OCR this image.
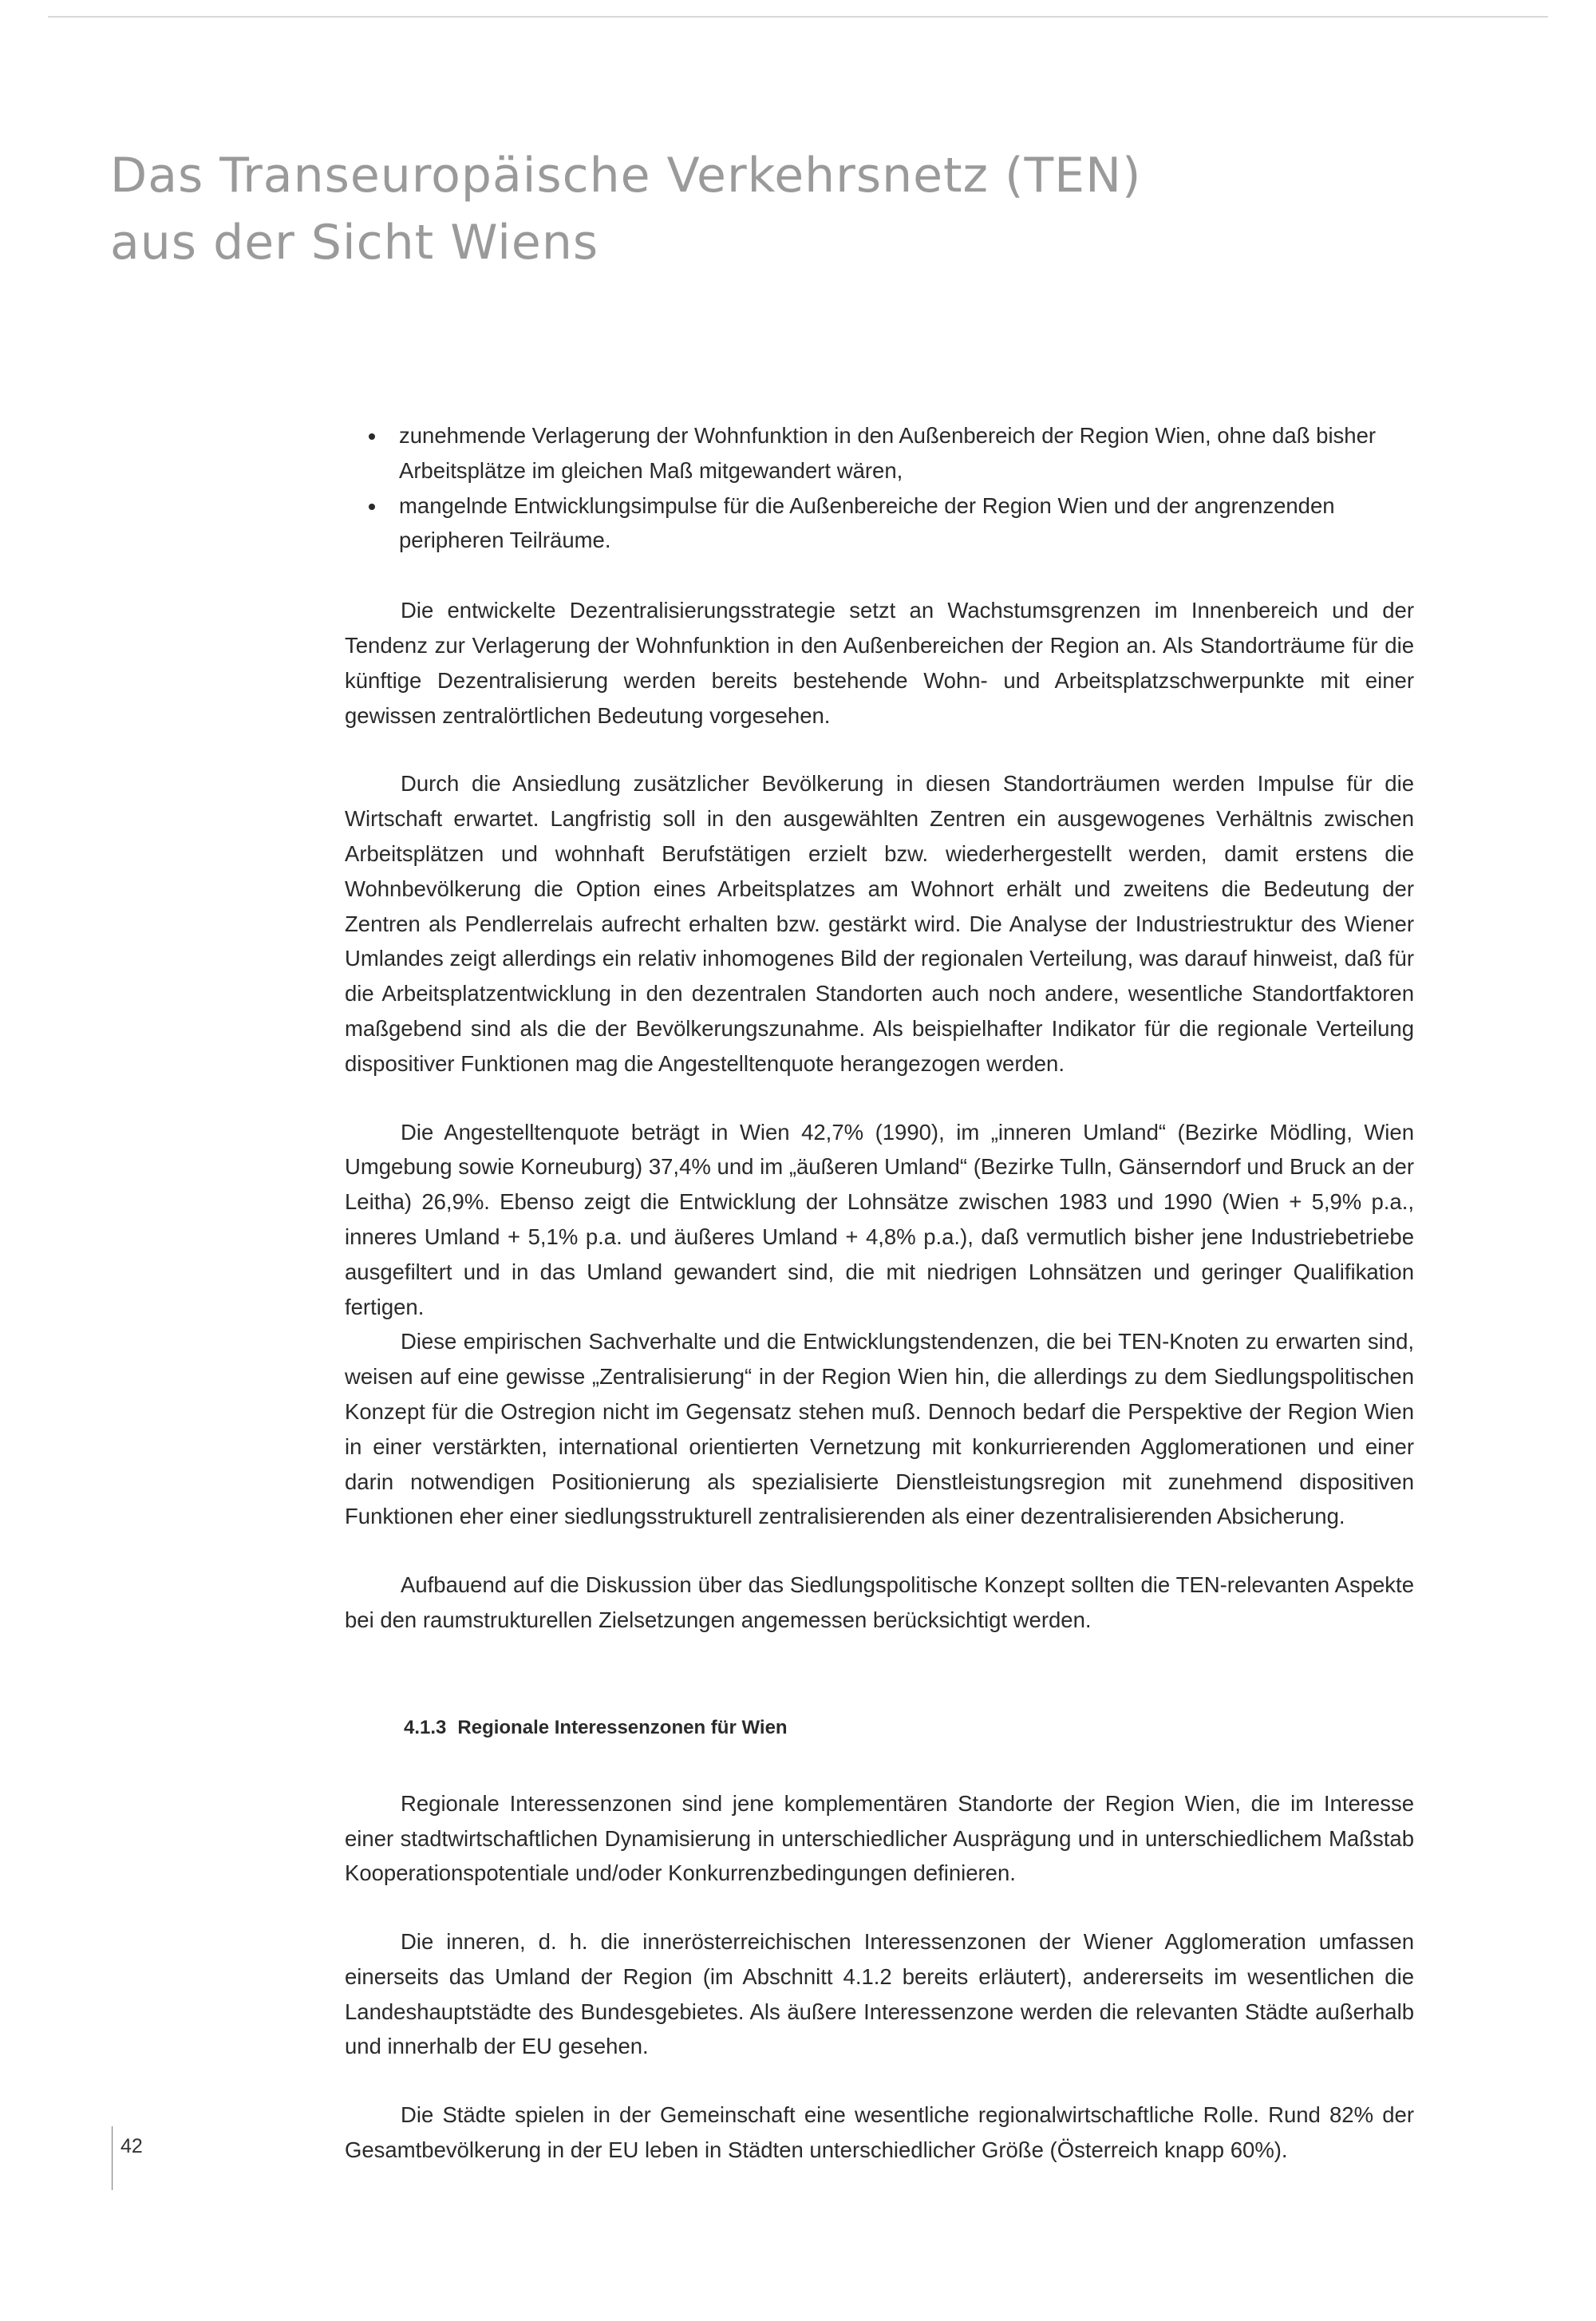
Das Transeuropäische Verkehrsnetz (TEN)
aus der Sicht Wiens
zunehmende Verlagerung der Wohnfunktion in den Außenbereich der Region Wien, ohne daß bisher Arbeitsplätze im gleichen Maß mitgewandert wären,
mangelnde Entwicklungsimpulse für die Außenbereiche der Region Wien und der angrenzenden peripheren Teilräume.

Die entwickelte Dezentralisierungsstrategie setzt an Wachstumsgrenzen im Innenbereich und der Tendenz zur Verlagerung der Wohnfunktion in den Außenbereichen der Region an. Als Standorträume für die künftige Dezentralisierung werden bereits bestehende Wohn- und Arbeitsplatzschwerpunkte mit einer gewissen zentralörtlichen Bedeutung vorgesehen.

Durch die Ansiedlung zusätzlicher Bevölkerung in diesen Standorträumen werden Impulse für die Wirtschaft erwartet. Langfristig soll in den ausgewählten Zentren ein ausgewogenes Verhältnis zwischen Arbeitsplätzen und wohnhaft Berufstätigen erzielt bzw. wiederhergestellt werden, damit erstens die Wohnbevölkerung die Option eines Arbeitsplatzes am Wohnort erhält und zweitens die Bedeutung der Zentren als Pendlerrelais aufrecht erhalten bzw. gestärkt wird. Die Analyse der Industriestruktur des Wiener Umlandes zeigt allerdings ein relativ inhomogenes Bild der regionalen Verteilung, was darauf hinweist, daß für die Arbeitsplatzentwicklung in den dezentralen Standorten auch noch andere, wesentliche Standortfaktoren maßgebend sind als die der Bevölkerungszunahme. Als beispielhafter Indikator für die regionale Verteilung dispositiver Funktionen mag die Angestelltenquote herangezogen werden.

Die Angestelltenquote beträgt in Wien 42,7% (1990), im „inneren Umland“ (Bezirke Mödling, Wien Umgebung sowie Korneuburg) 37,4% und im „äußeren Umland“ (Bezirke Tulln, Gänserndorf und Bruck an der Leitha) 26,9%. Ebenso zeigt die Entwicklung der Lohnsätze zwischen 1983 und 1990 (Wien + 5,9% p.a., inneres Umland + 5,1% p.a. und äußeres Umland + 4,8% p.a.), daß vermutlich bisher jene Industriebetriebe ausgefiltert und in das Umland gewandert sind, die mit niedrigen Lohnsätzen und geringer Qualifikation fertigen.

Diese empirischen Sachverhalte und die Entwicklungstendenzen, die bei TEN-Knoten zu erwarten sind, weisen auf eine gewisse „Zentralisierung“ in der Region Wien hin, die allerdings zu dem Siedlungspolitischen Konzept für die Ostregion nicht im Gegensatz stehen muß. Dennoch bedarf die Perspektive der Region Wien in einer verstärkten, international orientierten Vernetzung mit konkurrierenden Agglomerationen und einer darin notwendigen Positionierung als spezialisierte Dienstleistungsregion mit zunehmend dispositiven Funktionen eher einer siedlungsstrukturell zentralisierenden als einer dezentralisierenden Absicherung.

Aufbauend auf die Diskussion über das Siedlungspolitische Konzept sollten die TEN-relevanten Aspekte bei den raumstrukturellen Zielsetzungen angemessen berücksichtigt werden.

4.1.3 Regionale Interessenzonen für Wien

Regionale Interessenzonen sind jene komplementären Standorte der Region Wien, die im Interesse einer stadtwirtschaftlichen Dynamisierung in unterschiedlicher Ausprägung und in unterschiedlichem Maßstab Kooperationspotentiale und/oder Konkurrenzbedingungen definieren.

Die inneren, d. h. die innerösterreichischen Interessenzonen der Wiener Agglomeration umfassen einerseits das Umland der Region (im Abschnitt 4.1.2 bereits erläutert), andererseits im wesentlichen die Landeshauptstädte des Bundesgebietes. Als äußere Interessenzone werden die relevanten Städte außerhalb und innerhalb der EU gesehen.

Die Städte spielen in der Gemeinschaft eine wesentliche regionalwirtschaftliche Rolle. Rund 82% der Gesamtbevölkerung in der EU leben in Städten unterschiedlicher Größe (Österreich knapp 60%).

42
